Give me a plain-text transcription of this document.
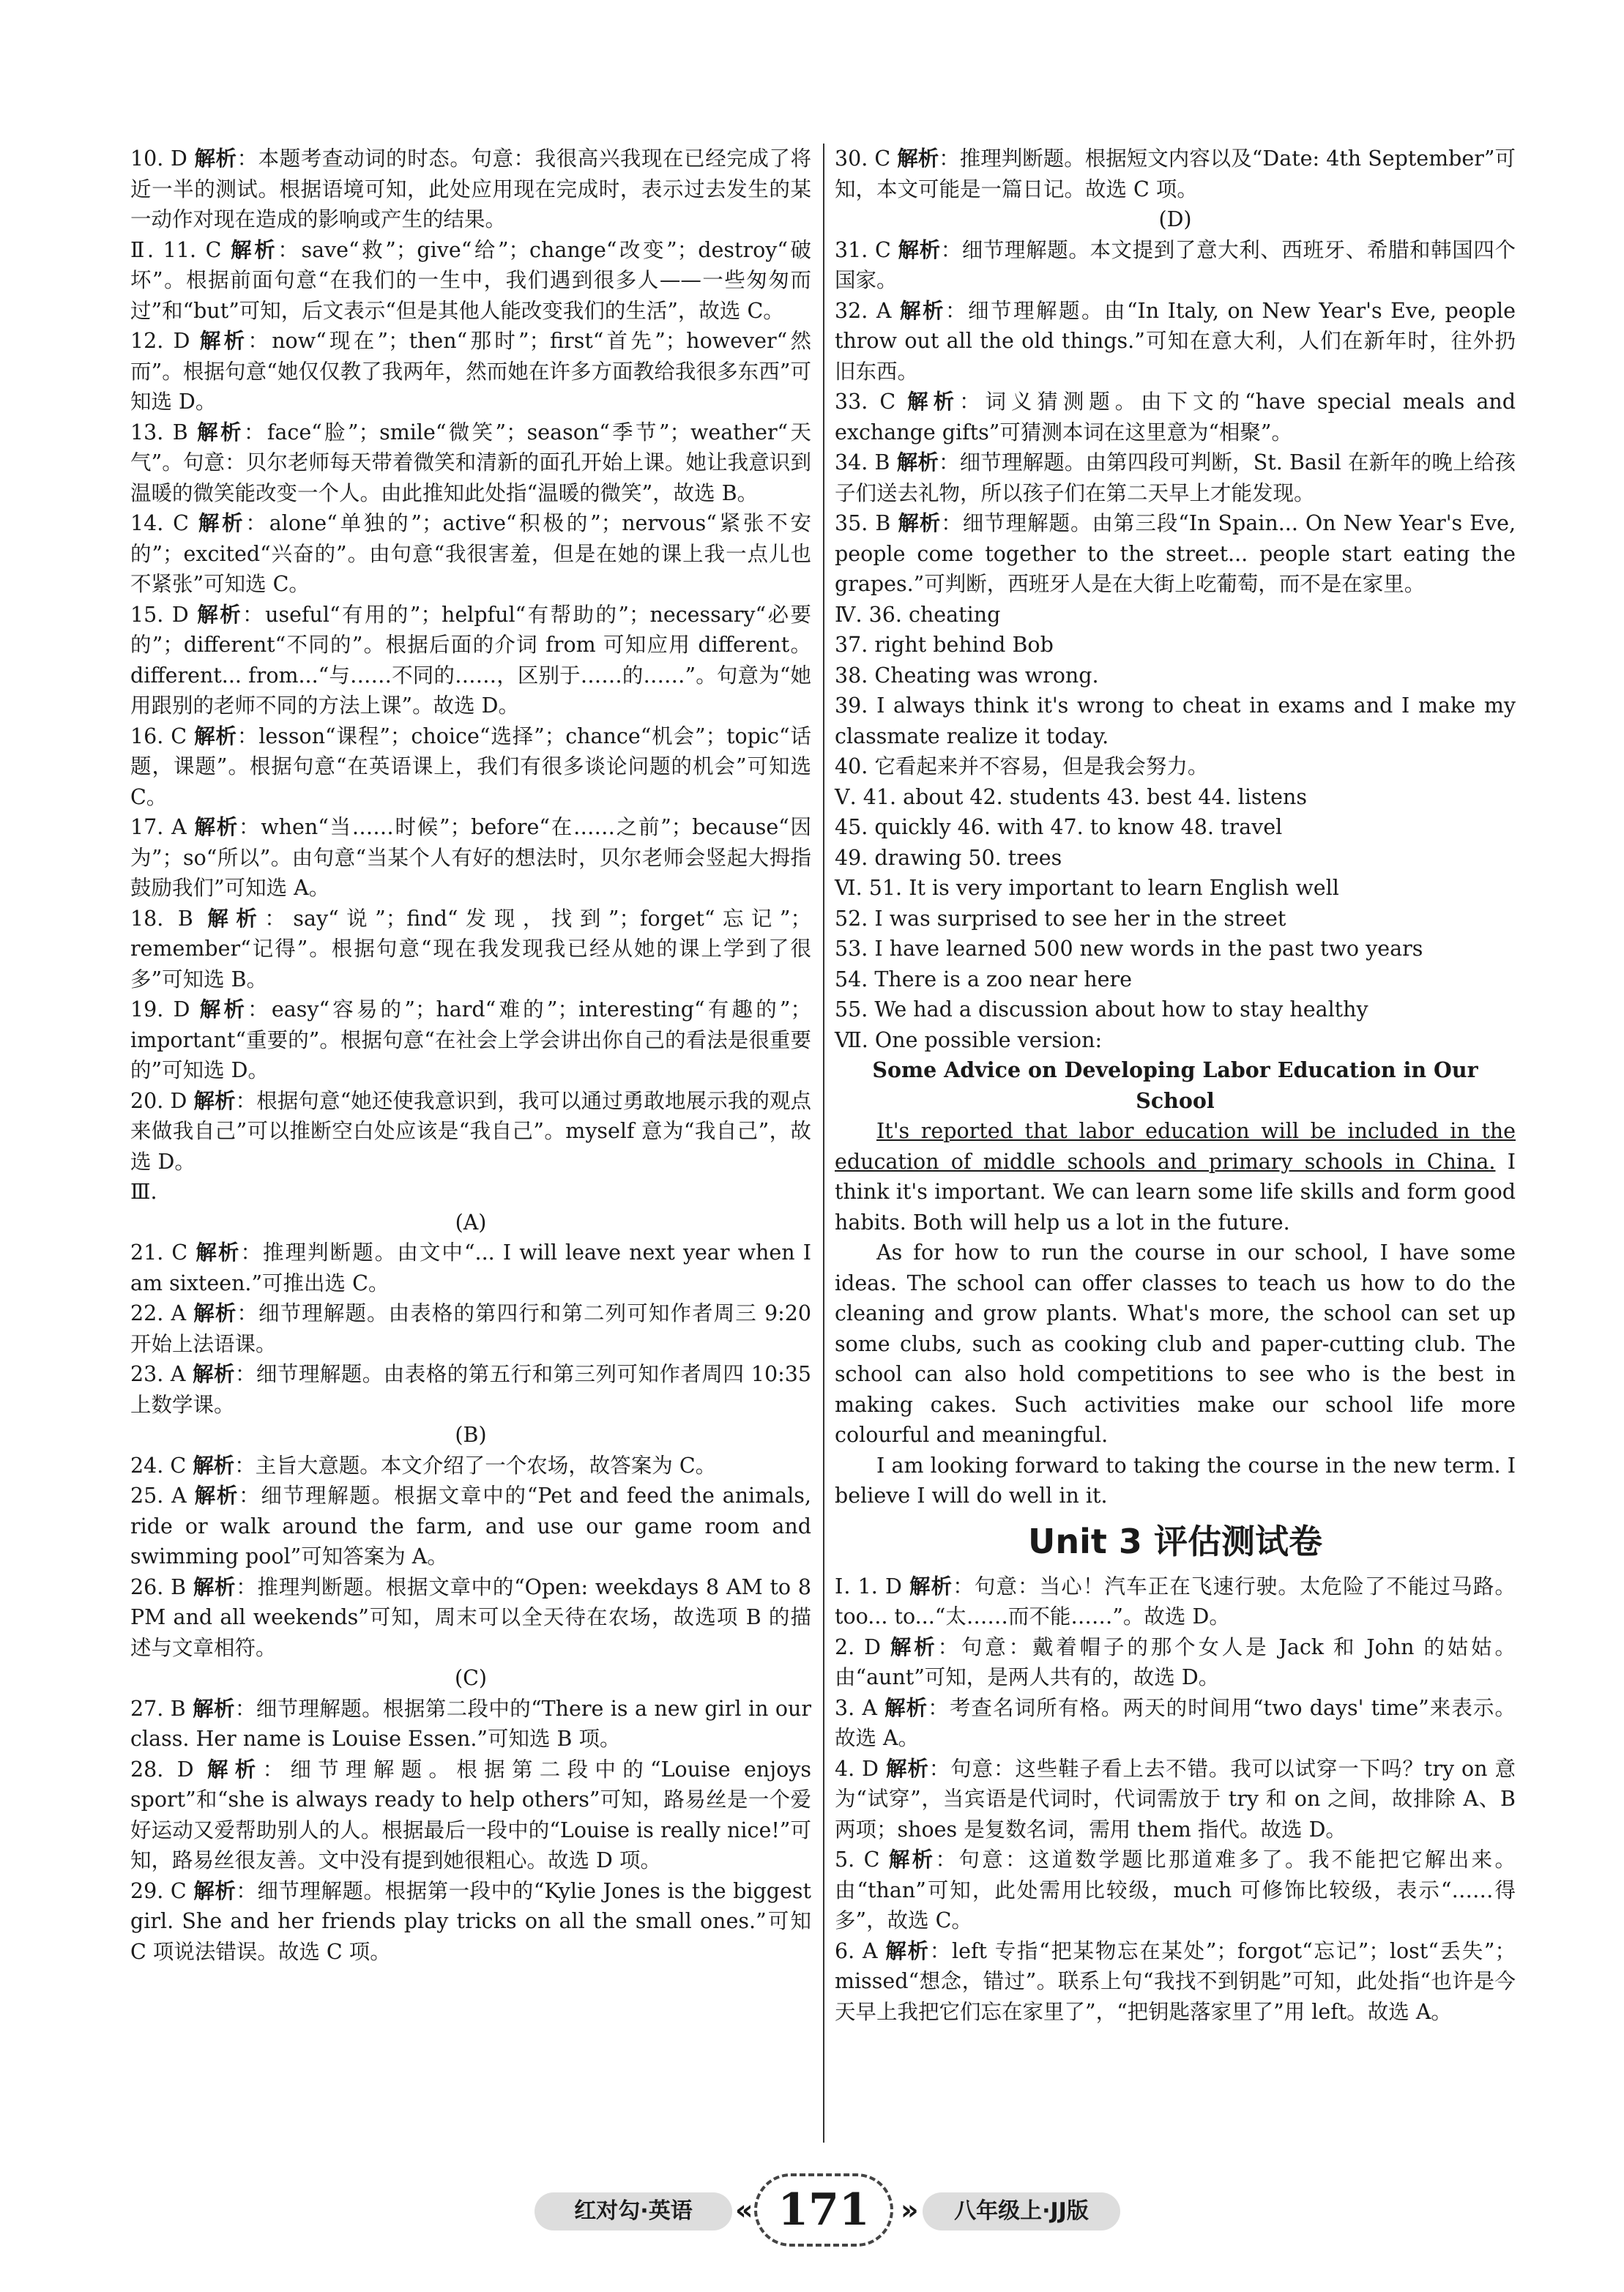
10. D 解析：本题考查动词的时态。句意：我很高兴我现在已经完成了将近一半的测试。根据语境可知，此处应用现在完成时，表示过去发生的某一动作对现在造成的影响或产生的结果。

Ⅱ. 11. C 解析：save“救”；give“给”；change“改变”；destroy“破坏”。根据前面句意“在我们的一生中，我们遇到很多人——一些匆匆而过”和“but”可知，后文表示“但是其他人能改变我们的生活”，故选 C。

12. D 解析：now“现在”；then“那时”；first“首先”；however“然而”。根据句意“她仅仅教了我两年，然而她在许多方面教给我很多东西”可知选 D。

13. B 解析：face“脸”；smile“微笑”；season“季节”；weather“天气”。句意：贝尔老师每天带着微笑和清新的面孔开始上课。她让我意识到温暖的微笑能改变一个人。由此推知此处指“温暖的微笑”，故选 B。

14. C 解析：alone“单独的”；active“积极的”；nervous“紧张不安的”；excited“兴奋的”。由句意“我很害羞，但是在她的课上我一点儿也不紧张”可知选 C。

15. D 解析：useful“有用的”；helpful“有帮助的”；necessary“必要的”；different“不同的”。根据后面的介词 from 可知应用 different。different... from...“与……不同的……，区别于……的……”。句意为“她用跟别的老师不同的方法上课”。故选 D。

16. C 解析：lesson“课程”；choice“选择”；chance“机会”；topic“话题，课题”。根据句意“在英语课上，我们有很多谈论问题的机会”可知选 C。

17. A 解析：when“当……时候”；before“在……之前”；because“因为”；so“所以”。由句意“当某个人有好的想法时，贝尔老师会竖起大拇指鼓励我们”可知选 A。

18. B 解析：say“说”；find“发现，找到”；forget“忘记”；remember“记得”。根据句意“现在我发现我已经从她的课上学到了很多”可知选 B。

19. D 解析：easy“容易的”；hard“难的”；interesting“有趣的”；important“重要的”。根据句意“在社会上学会讲出你自己的看法是很重要的”可知选 D。

20. D 解析：根据句意“她还使我意识到，我可以通过勇敢地展示我的观点来做我自己”可以推断空白处应该是“我自己”。myself 意为“我自己”，故选 D。

Ⅲ.

(A)

21. C 解析：推理判断题。由文中“... I will leave next year when I am sixteen.”可推出选 C。

22. A 解析：细节理解题。由表格的第四行和第二列可知作者周三 9:20 开始上法语课。

23. A 解析：细节理解题。由表格的第五行和第三列可知作者周四 10:35 上数学课。

(B)

24. C 解析：主旨大意题。本文介绍了一个农场，故答案为 C。

25. A 解析：细节理解题。根据文章中的“Pet and feed the animals, ride or walk around the farm, and use our game room and swimming pool”可知答案为 A。

26. B 解析：推理判断题。根据文章中的“Open: weekdays 8 AM to 8 PM and all weekends”可知，周末可以全天待在农场，故选项 B 的描述与文章相符。

(C)

27. B 解析：细节理解题。根据第二段中的“There is a new girl in our class. Her name is Louise Essen.”可知选 B 项。

28. D 解析：细节理解题。根据第二段中的“Louise enjoys sport”和“she is always ready to help others”可知，路易丝是一个爱好运动又爱帮助别人的人。根据最后一段中的“Louise is really nice!”可知，路易丝很友善。文中没有提到她很粗心。故选 D 项。

29. C 解析：细节理解题。根据第一段中的“Kylie Jones is the biggest girl. She and her friends play tricks on all the small ones.”可知 C 项说法错误。故选 C 项。

30. C 解析：推理判断题。根据短文内容以及“Date: 4th September”可知，本文可能是一篇日记。故选 C 项。

(D)

31. C 解析：细节理解题。本文提到了意大利、西班牙、希腊和韩国四个国家。

32. A 解析：细节理解题。由“In Italy, on New Year's Eve, people throw out all the old things.”可知在意大利，人们在新年时，往外扔旧东西。

33. C 解析：词义猜测题。由下文的“have special meals and exchange gifts”可猜测本词在这里意为“相聚”。

34. B 解析：细节理解题。由第四段可判断，St. Basil 在新年的晚上给孩子们送去礼物，所以孩子们在第二天早上才能发现。

35. B 解析：细节理解题。由第三段“In Spain... On New Year's Eve, people come together to the street... people start eating the grapes.”可判断，西班牙人是在大街上吃葡萄，而不是在家里。

Ⅳ. 36. cheating

37. right behind Bob

38. Cheating was wrong.

39. I always think it's wrong to cheat in exams and I make my classmate realize it today.

40. 它看起来并不容易，但是我会努力。

Ⅴ. 41. about 42. students 43. best 44. listens

45. quickly 46. with 47. to know 48. travel

49. drawing 50. trees

Ⅵ. 51. It is very important to learn English well

52. I was surprised to see her in the street

53. I have learned 500 new words in the past two years

54. There is a zoo near here

55. We had a discussion about how to stay healthy

Ⅶ. One possible version:

Some Advice on Developing Labor Education in Our School

It's reported that labor education will be included in the education of middle schools and primary schools in China. I think it's important. We can learn some life skills and form good habits. Both will help us a lot in the future.

As for how to run the course in our school, I have some ideas. The school can offer classes to teach us how to do the cleaning and grow plants. What's more, the school can set up some clubs, such as cooking club and paper-cutting club. The school can also hold competitions to see who is the best in making cakes. Such activities make our school life more colourful and meaningful.

I am looking forward to taking the course in the new term. I believe I will do well in it.

Unit 3 评估测试卷

Ⅰ. 1. D 解析：句意：当心！汽车正在飞速行驶。太危险了不能过马路。too... to...“太……而不能……”。故选 D。

2. D 解析：句意：戴着帽子的那个女人是 Jack 和 John 的姑姑。由“aunt”可知，是两人共有的，故选 D。

3. A 解析：考查名词所有格。两天的时间用“two days' time”来表示。故选 A。

4. D 解析：句意：这些鞋子看上去不错。我可以试穿一下吗？try on 意为“试穿”，当宾语是代词时，代词需放于 try 和 on 之间，故排除 A、B 两项；shoes 是复数名词，需用 them 指代。故选 D。

5. C 解析：句意：这道数学题比那道难多了。我不能把它解出来。由“than”可知，此处需用比较级，much 可修饰比较级，表示“……得多”，故选 C。

6. A 解析：left 专指“把某物忘在某处”；forgot“忘记”；lost“丢失”；missed“想念，错过”。联系上句“我找不到钥匙”可知，此处指“也许是今天早上我把它们忘在家里了”，“把钥匙落家里了”用 left。故选 A。

红对勾·英语	« 171	»	八年级上·JJ版
